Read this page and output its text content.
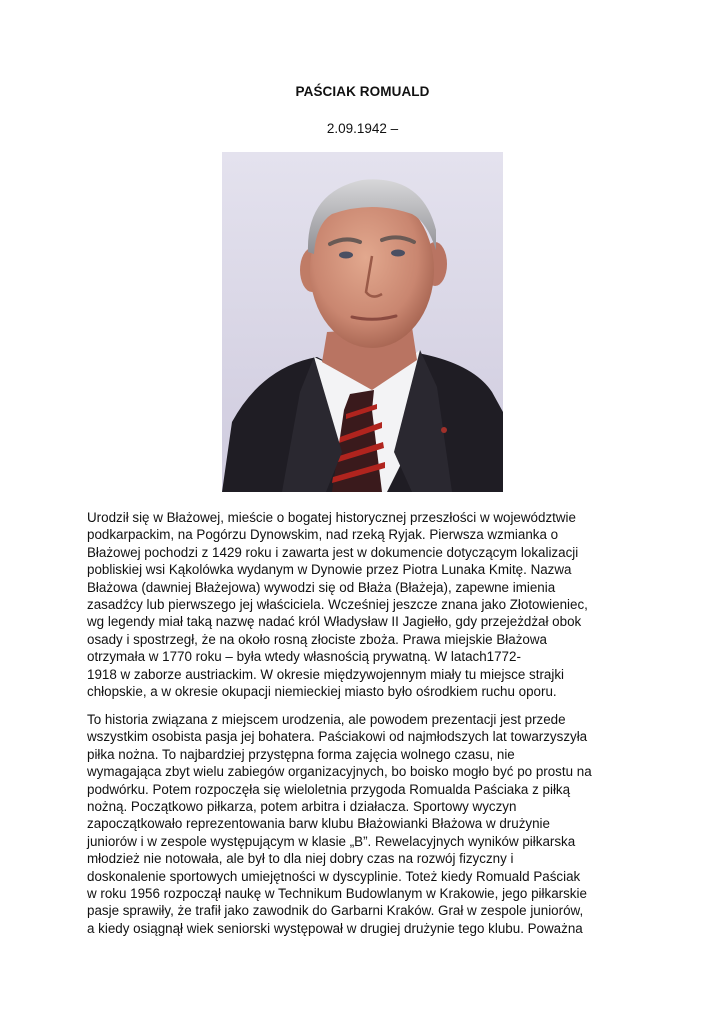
PAŚCIAK ROMUALD
2.09.1942 –
Urodził się w Błażowej, mieście o bogatej historycznej przeszłości w województwie
podkarpackim, na Pogórzu Dynowskim, nad rzeką Ryjak. Pierwsza wzmianka o
Błażowej pochodzi z 1429 roku i zawarta jest w dokumencie dotyczącym lokalizacji
pobliskiej wsi Kąkolówka wydanym w Dynowie przez Piotra Lunaka Kmitę. Nazwa
Błażowa (dawniej Błażejowa) wywodzi się od Błaża (Błażeja), zapewne imienia
zasadźcy lub pierwszego jej właściciela. Wcześniej jeszcze znana jako Złotowieniec,
wg legendy miał taką nazwę nadać król Władysław II Jagiełło, gdy przejeżdżał obok
osady i spostrzegł, że na około rosną złociste zboża. Prawa miejskie Błażowa
otrzymała w 1770 roku – była wtedy własnością prywatną. W latach1772-
1918 w zaborze austriackim. W okresie międzywojennym miały tu miejsce strajki
chłopskie, a w okresie okupacji niemieckiej miasto było ośrodkiem ruchu oporu.
To historia związana z miejscem urodzenia, ale powodem prezentacji jest przede
wszystkim osobista pasja jej bohatera. Paściakowi od najmłodszych lat towarzyszyła
piłka nożna. To najbardziej przystępna forma zajęcia wolnego czasu, nie
wymagająca zbyt wielu zabiegów organizacyjnych, bo boisko mogło być po prostu na
podwórku. Potem rozpoczęła się wieloletnia przygoda Romualda Paściaka z piłką
nożną. Początkowo piłkarza, potem arbitra i działacza. Sportowy wyczyn
zapoczątkowało reprezentowania barw klubu Błażowianki Błażowa w drużynie
juniorów i w zespole występującym w klasie „B”. Rewelacyjnych wyników piłkarska
młodzież nie notowała, ale był to dla niej dobry czas na rozwój fizyczny i
doskonalenie sportowych umiejętności w dyscyplinie. Toteż kiedy Romuald Paściak
w roku 1956 rozpoczął naukę w Technikum Budowlanym w Krakowie, jego piłkarskie
pasje sprawiły, że trafił jako zawodnik do Garbarni Kraków. Grał w zespole juniorów,
a kiedy osiągnął wiek seniorski występował w drugiej drużynie tego klubu. Poważna
